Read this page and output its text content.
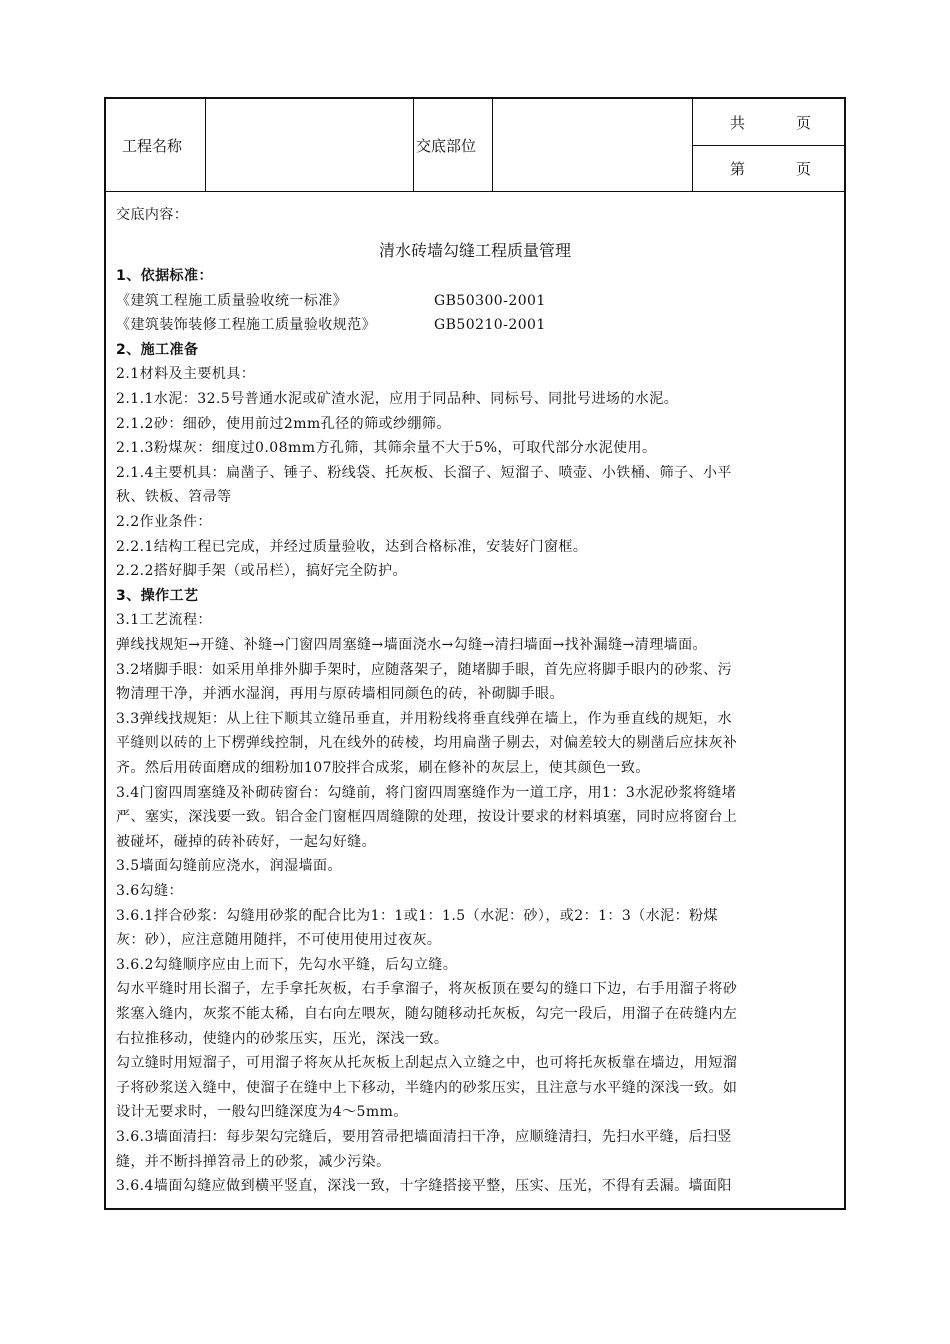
工程名称	交底部位
共	页
第	页
交底内容：
清水砖墙勾缝工程质量管理
1、依据标准：
《建筑工程施工质量验收统一标准》	GB50300-2001
《建筑装饰装修工程施工质量验收规范》	GB50210-2001
2、施工准备
2.1材料及主要机具：
2.1.1水泥：32.5号普通水泥或矿渣水泥，应用于同品种、同标号、同批号进场的水泥。
2.1.2砂：细砂，使用前过2mm孔径的筛或纱绷筛。
2.1.3粉煤灰：细度过0.08mm方孔筛，其筛余量不大于5%，可取代部分水泥使用。
2.1.4主要机具：扁凿子、锤子、粉线袋、托灰板、长溜子、短溜子、喷壶、小铁桶、筛子、小平
秋、铁板、笤帚等
2.2作业条件：
2.2.1结构工程已完成，并经过质量验收，达到合格标准，安装好门窗框。
2.2.2搭好脚手架（或吊栏），搞好完全防护。
3、操作工艺
3.1工艺流程：
弹线找规矩→开缝、补缝→门窗四周塞缝→墙面浇水→勾缝→清扫墙面→找补漏缝→清理墙面。
3.2堵脚手眼：如采用单排外脚手架时，应随落架子，随堵脚手眼，首先应将脚手眼内的砂浆、污
物清理干净，并洒水湿润，再用与原砖墙相同颜色的砖，补砌脚手眼。
3.3弹线找规矩：从上往下顺其立缝吊垂直，并用粉线将垂直线弹在墙上，作为垂直线的规矩，水
平缝则以砖的上下楞弹线控制，凡在线外的砖棱，均用扁凿子剔去，对偏差较大的剔凿后应抹灰补
齐。然后用砖面磨成的细粉加107胶拌合成浆，刷在修补的灰层上，使其颜色一致。
3.4门窗四周塞缝及补砌砖窗台：勾缝前，将门窗四周塞缝作为一道工序，用1：3水泥砂浆将缝堵
严、塞实，深浅要一致。铝合金门窗框四周缝隙的处理，按设计要求的材料填塞，同时应将窗台上
被碰坏，碰掉的砖补砖好，一起勾好缝。
3.5墙面勾缝前应浇水，润湿墙面。
3.6勾缝：
3.6.1拌合砂浆：勾缝用砂浆的配合比为1：1或1：1.5（水泥：砂），或2：1：3（水泥：粉煤
灰：砂），应注意随用随拌，不可使用使用过夜灰。
3.6.2勾缝顺序应由上而下，先勾水平缝，后勾立缝。
勾水平缝时用长溜子，左手拿托灰板，右手拿溜子，将灰板顶在要勾的缝口下边，右手用溜子将砂
浆塞入缝内，灰浆不能太稀，自右向左喂灰，随勾随移动托灰板，勾完一段后，用溜子在砖缝内左
右拉推移动，使缝内的砂浆压实，压光，深浅一致。
勾立缝时用短溜子，可用溜子将灰从托灰板上刮起点入立缝之中，也可将托灰板靠在墙边，用短溜
子将砂浆送入缝中，使溜子在缝中上下移动，半缝内的砂浆压实，且注意与水平缝的深浅一致。如
设计无要求时，一般勾凹缝深度为4～5mm。
3.6.3墙面清扫：每步架勾完缝后，要用笤帚把墙面清扫干净，应顺缝清扫，先扫水平缝，后扫竖
缝，并不断抖掸笤帚上的砂浆，减少污染。
3.6.4墙面勾缝应做到横平竖直，深浅一致，十字缝搭接平整，压实、压光，不得有丢漏。墙面阳
